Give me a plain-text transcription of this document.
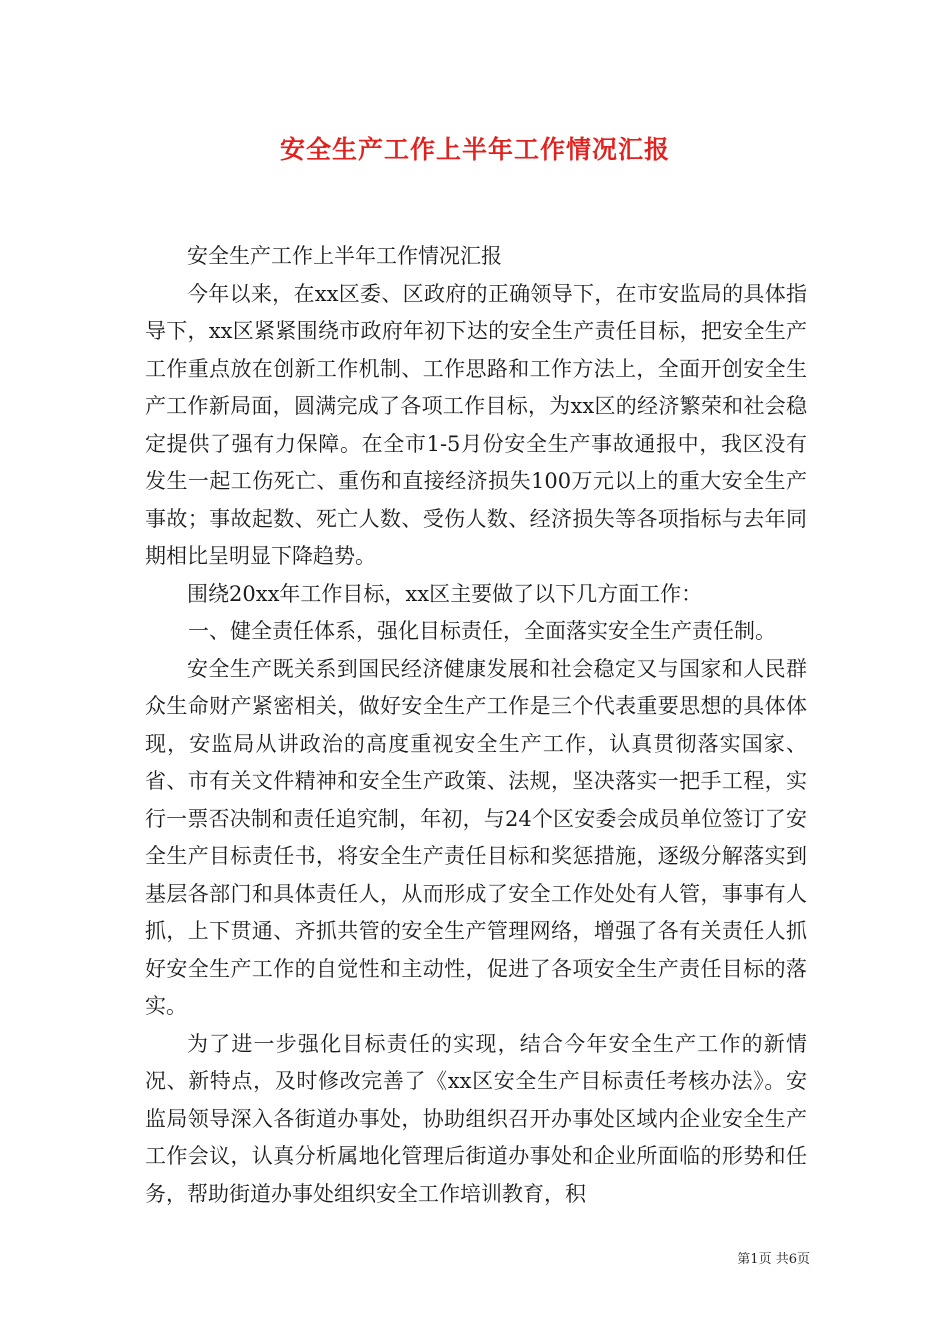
安全生产工作上半年工作情况汇报

安全生产工作上半年工作情况汇报

今年以来，在xx区委、区政府的正确领导下，在市安监局的具体指导下，xx区紧紧围绕市政府年初下达的安全生产责任目标，把安全生产工作重点放在创新工作机制、工作思路和工作方法上，全面开创安全生产工作新局面，圆满完成了各项工作目标，为xx区的经济繁荣和社会稳定提供了强有力保障。在全市1-5月份安全生产事故通报中，我区没有发生一起工伤死亡、重伤和直接经济损失100万元以上的重大安全生产事故；事故起数、死亡人数、受伤人数、经济损失等各项指标与去年同期相比呈明显下降趋势。

围绕20xx年工作目标，xx区主要做了以下几方面工作：

一、健全责任体系，强化目标责任，全面落实安全生产责任制。

安全生产既关系到国民经济健康发展和社会稳定又与国家和人民群众生命财产紧密相关，做好安全生产工作是三个代表重要思想的具体体现，安监局从讲政治的高度重视安全生产工作，认真贯彻落实国家、省、市有关文件精神和安全生产政策、法规，坚决落实一把手工程，实行一票否决制和责任追究制，年初，与24个区安委会成员单位签订了安全生产目标责任书，将安全生产责任目标和奖惩措施，逐级分解落实到基层各部门和具体责任人，从而形成了安全工作处处有人管，事事有人抓，上下贯通、齐抓共管的安全生产管理网络，增强了各有关责任人抓好安全生产工作的自觉性和主动性，促进了各项安全生产责任目标的落实。

为了进一步强化目标责任的实现，结合今年安全生产工作的新情况、新特点，及时修改完善了《xx区安全生产目标责任考核办法》。安监局领导深入各街道办事处，协助组织召开办事处区域内企业安全生产工作会议，认真分析属地化管理后街道办事处和企业所面临的形势和任务，帮助街道办事处组织安全工作培训教育，积

第1页 共6页
